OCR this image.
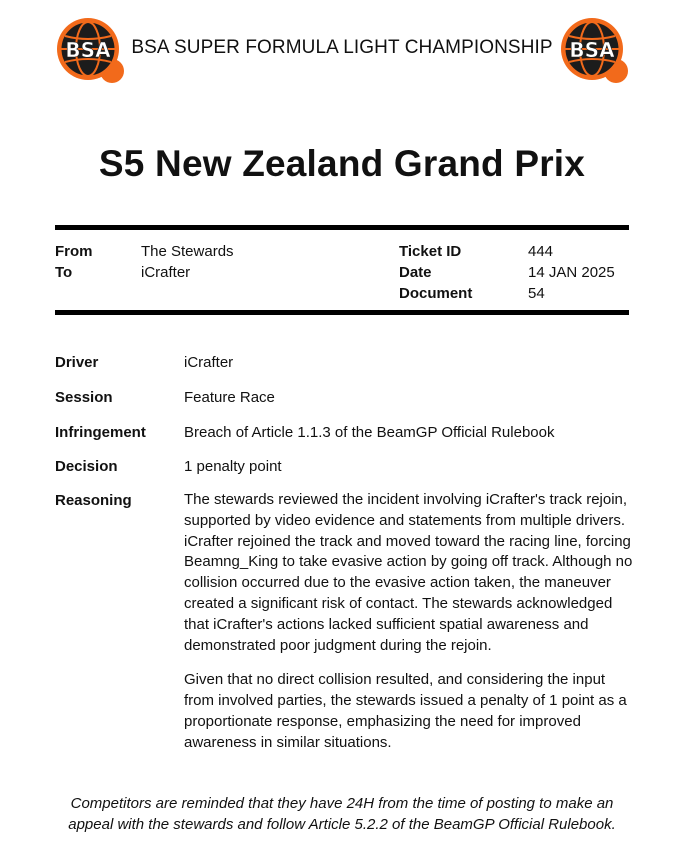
BSA	BSA SUPER FORMULA LIGHT CHAMPIONSHIP BSA
S5 New Zealand Grand Prix
From	The Stewards
To	iCrafter
Ticket ID	444
Date	14 JAN 2025
Document	54
Driver	iCrafter
Session	Feature Race
Infringement	Breach of Article 1.1.3 of the BeamGP Official Rulebook
Decision	1 penalty point
Reasoning	The stewards reviewed the incident involving iCrafter's track rejoin, supported by video evidence and statements from multiple drivers. iCrafter rejoined the track and moved toward the racing line, forcing Beamng_King to take evasive action by going off track. Although no collision occurred due to the evasive action taken, the maneuver created a significant risk of contact. The stewards acknowledged that iCrafter's actions lacked sufficient spatial awareness and demonstrated poor judgment during the rejoin.

Given that no direct collision resulted, and considering the input from involved parties, the stewards issued a penalty of 1 point as a proportionate response, emphasizing the need for improved awareness in similar situations.

Competitors are reminded that they have 24H from the time of posting to make an appeal with the stewards and follow Article 5.2.2 of the BeamGP Official Rulebook.
